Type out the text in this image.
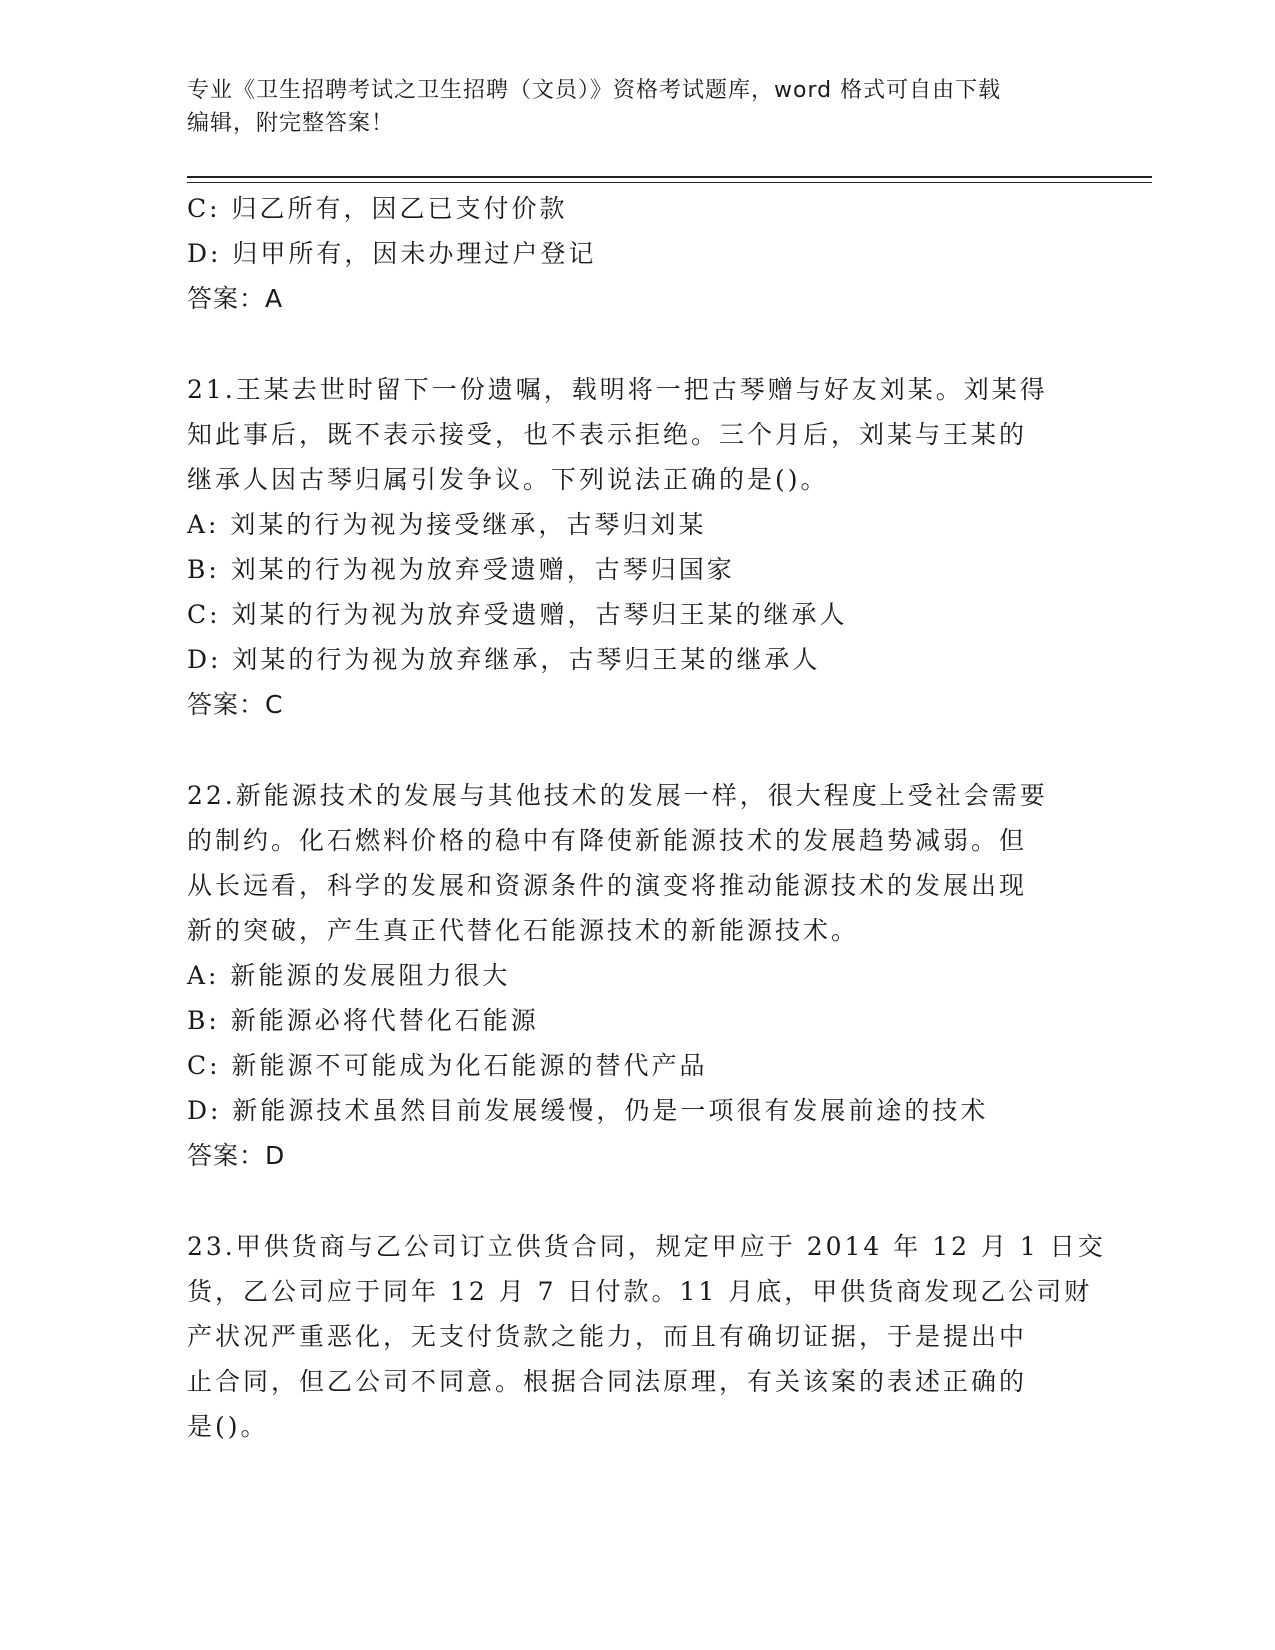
专业《卫生招聘考试之卫生招聘（文员）》资格考试题库，word 格式可自由下载
编辑，附完整答案！
C: 归乙所有，因乙已支付价款
D: 归甲所有，因未办理过户登记
答案：A
21.王某去世时留下一份遗嘱，载明将一把古琴赠与好友刘某。刘某得
知此事后，既不表示接受，也不表示拒绝。三个月后，刘某与王某的
继承人因古琴归属引发争议。下列说法正确的是()。
A: 刘某的行为视为接受继承，古琴归刘某
B: 刘某的行为视为放弃受遗赠，古琴归国家
C: 刘某的行为视为放弃受遗赠，古琴归王某的继承人
D: 刘某的行为视为放弃继承，古琴归王某的继承人
答案：C
22.新能源技术的发展与其他技术的发展一样，很大程度上受社会需要
的制约。化石燃料价格的稳中有降使新能源技术的发展趋势减弱。但
从长远看，科学的发展和资源条件的演变将推动能源技术的发展出现
新的突破，产生真正代替化石能源技术的新能源技术。
A: 新能源的发展阻力很大
B: 新能源必将代替化石能源
C: 新能源不可能成为化石能源的替代产品
D: 新能源技术虽然目前发展缓慢，仍是一项很有发展前途的技术
答案：D
23.甲供货商与乙公司订立供货合同，规定甲应于 2014 年 12 月 1 日交
货，乙公司应于同年 12 月 7 日付款。11 月底，甲供货商发现乙公司财
产状况严重恶化，无支付货款之能力，而且有确切证据，于是提出中
止合同，但乙公司不同意。根据合同法原理，有关该案的表述正确的
是()。
